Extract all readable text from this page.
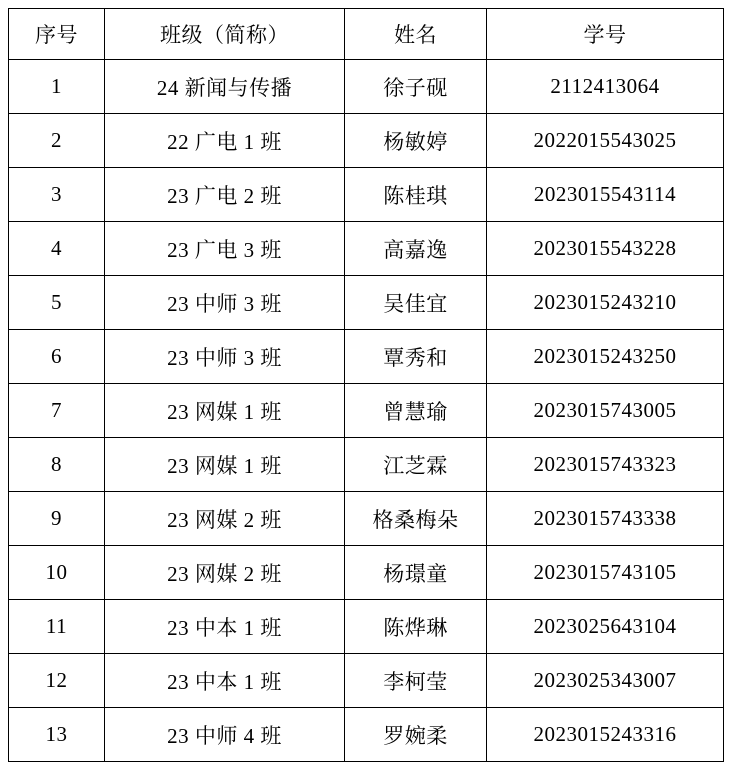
序号	班级（简称）	姓名	学号
1	24 新闻与传播	徐子砚	2112413064
2	22 广电 1 班	杨敏婷	2022015543025
3	23 广电 2 班	陈桂琪	2023015543114
4	23 广电 3 班	高嘉逸	2023015543228
5	23 中师 3 班	吴佳宜	2023015243210
6	23 中师 3 班	覃秀和	2023015243250
7	23 网媒 1 班	曾慧瑜	2023015743005
8	23 网媒 1 班	江芝霖	2023015743323
9	23 网媒 2 班	格桑梅朵	2023015743338
10	23 网媒 2 班	杨璟童	2023015743105
11	23 中本 1 班	陈烨琳	2023025643104
12	23 中本 1 班	李柯莹	2023025343007
13	23 中师 4 班	罗婉柔	2023015243316
